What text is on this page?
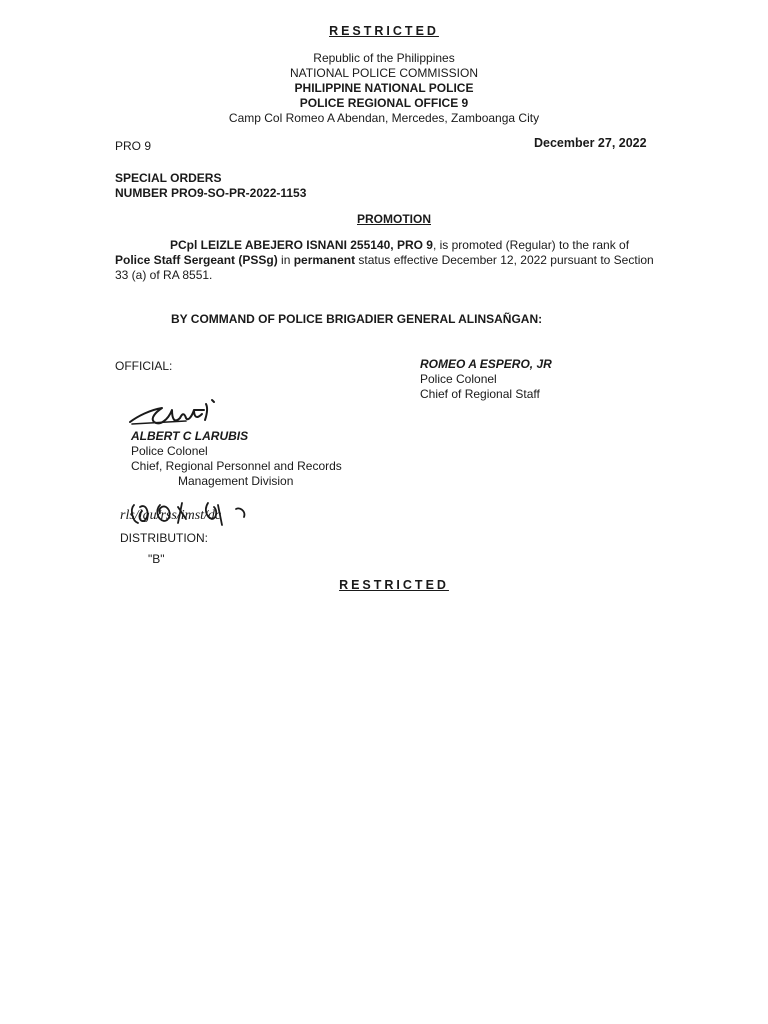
RESTRICTED
Republic of the Philippines
NATIONAL POLICE COMMISSION
PHILIPPINE NATIONAL POLICE
POLICE REGIONAL OFFICE 9
Camp Col Romeo A Abendan, Mercedes, Zamboanga City
PRO 9	December 27, 2022
SPECIAL ORDERS
NUMBER PRO9-SO-PR-2022-1153
PROMOTION
PCpl LEIZLE ABEJERO ISNANI 255140, PRO 9, is promoted (Regular) to the rank of Police Staff Sergeant (PSSg) in permanent status effective December 12, 2022 pursuant to Section 33 (a) of RA 8551.
BY COMMAND OF POLICE BRIGADIER GENERAL ALINSAÑGAN:
OFFICIAL:	ROMEO A ESPERO, JR
Police Colonel
Chief of Regional Staff
ALBERT C LARUBIS
Police Colonel
Chief, Regional Personnel and Records
Management Division
rls/lgu/rss/imst/dc
DISTRIBUTION:
"B"
RESTRICTED
